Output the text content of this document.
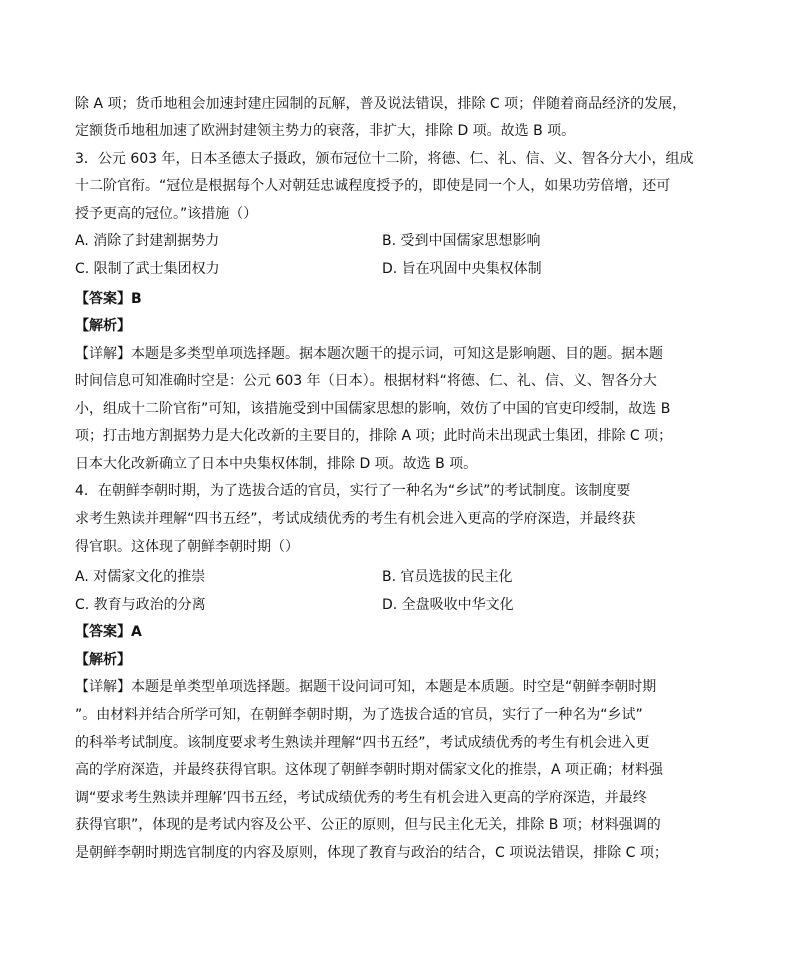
除 A 项；货币地租会加速封建庄园制的瓦解，普及说法错误，排除 C 项；伴随着商品经济的发展，
定额货币地租加速了欧洲封建领主势力的衰落，非扩大，排除 D 项。故选 B 项。
3．公元 603 年，日本圣德太子摄政，颁布冠位十二阶，将德、仁、礼、信、义、智各分大小，组成
十二阶官衔。“冠位是根据每个人对朝廷忠诚程度授予的，即使是同一个人，如果功劳倍增，还可
授予更高的冠位。”该措施（）
A. 消除了封建割据势力	B. 受到中国儒家思想影响
C. 限制了武士集团权力	D. 旨在巩固中央集权体制
【答案】B
【解析】
【详解】本题是多类型单项选择题。据本题次题干的提示词，可知这是影响题、目的题。据本题
时间信息可知准确时空是：公元 603 年（日本）。根据材料“将德、仁、礼、信、义、智各分大
小，组成十二阶官衔”可知，该措施受到中国儒家思想的影响，效仿了中国的官吏印绶制，故选 B
项；打击地方割据势力是大化改新的主要目的，排除 A 项；此时尚未出现武士集团，排除 C 项；
日本大化改新确立了日本中央集权体制，排除 D 项。故选 B 项。
4．在朝鲜李朝时期，为了选拔合适的官员，实行了一种名为“乡试”的考试制度。该制度要
求考生熟读并理解“四书五经”，考试成绩优秀的考生有机会进入更高的学府深造，并最终获
得官职。这体现了朝鲜李朝时期（）
A. 对儒家文化的推崇	B. 官员选拔的民主化
C. 教育与政治的分离	D. 全盘吸收中华文化
【答案】A
【解析】
【详解】本题是单类型单项选择题。据题干设问词可知，本题是本质题。时空是“朝鲜李朝时期
”。由材料并结合所学可知，在朝鲜李朝时期，为了选拔合适的官员，实行了一种名为“乡试”
的科举考试制度。该制度要求考生熟读并理解“四书五经”，考试成绩优秀的考生有机会进入更
高的学府深造，并最终获得官职。这体现了朝鲜李朝时期对儒家文化的推崇，A 项正确；材料强
调“要求考生熟读并理解’四书五经，考试成绩优秀的考生有机会进入更高的学府深造，并最终
获得官职”，体现的是考试内容及公平、公正的原则，但与民主化无关，排除 B 项；材料强调的
是朝鲜李朝时期选官制度的内容及原则，体现了教育与政治的结合，C 项说法错误，排除 C 项；
